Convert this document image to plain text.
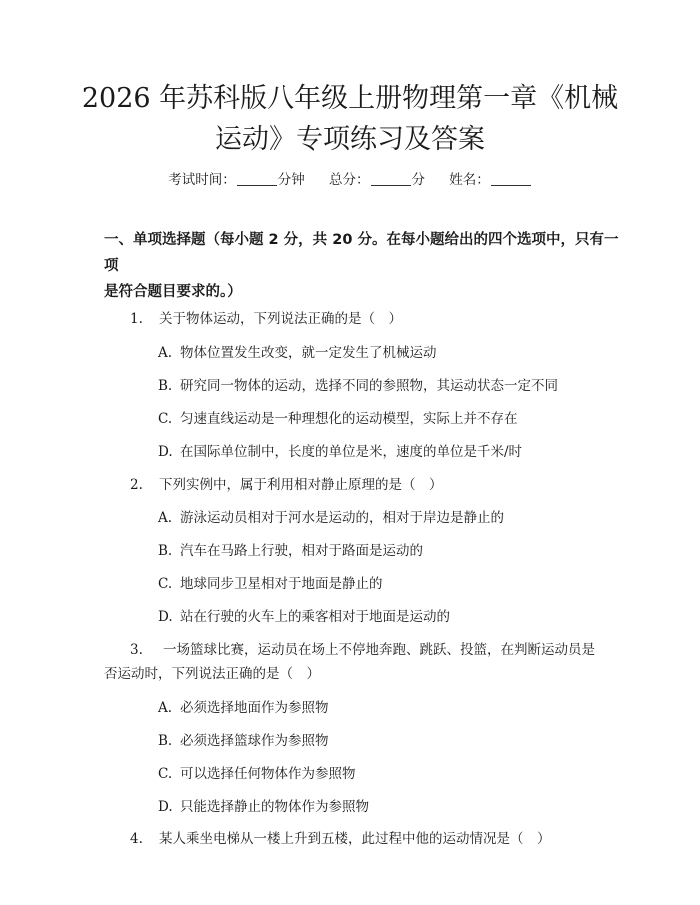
2026 年苏科版八年级上册物理第一章《机械
运动》专项练习及答案
考试时间：	分钟 总分：	分 姓名：
一、单项选择题（每小题 2 分，共 20 分。在每小题给出的四个选项中，只有一项
是符合题目要求的。）
1. 关于物体运动，下列说法正确的是（　）
A. 物体位置发生改变，就一定发生了机械运动
B. 研究同一物体的运动，选择不同的参照物，其运动状态一定不同
C. 匀速直线运动是一种理想化的运动模型，实际上并不存在
D. 在国际单位制中，长度的单位是米，速度的单位是千米/时
2. 下列实例中，属于利用相对静止原理的是（　）
A. 游泳运动员相对于河水是运动的，相对于岸边是静止的
B. 汽车在马路上行驶，相对于路面是运动的
C. 地球同步卫星相对于地面是静止的
D. 站在行驶的火车上的乘客相对于地面是运动的
3. 一场篮球比赛，运动员在场上不停地奔跑、跳跃、投篮，在判断运动员是
否运动时，下列说法正确的是（　）
A. 必须选择地面作为参照物
B. 必须选择篮球作为参照物
C. 可以选择任何物体作为参照物
D. 只能选择静止的物体作为参照物
4. 某人乘坐电梯从一楼上升到五楼，此过程中他的运动情况是（　）
